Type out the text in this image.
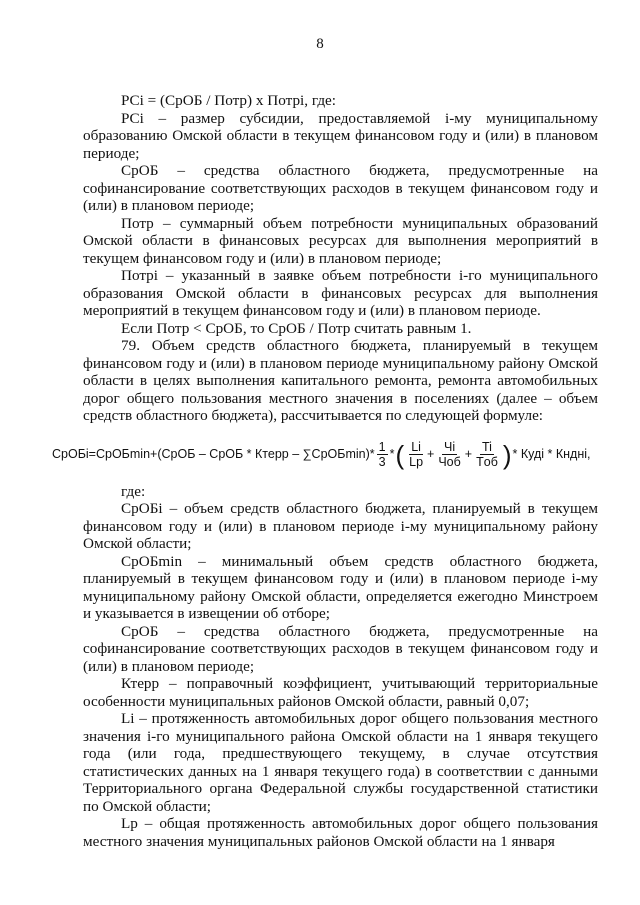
8

PCi = (СрОБ / Потр) x Потрi, где:

PCi – размер субсидии, предоставляемой i-му муниципальному образованию Омской области в текущем финансовом году и (или) в плановом периоде;

СрОБ – средства областного бюджета, предусмотренные на софинансирование соответствующих расходов в текущем финансовом году и (или) в плановом периоде;

Потр – суммарный объем потребности муниципальных образований Омской области в финансовых ресурсах для выполнения мероприятий в текущем финансовом году и (или) в плановом периоде;

Потрi – указанный в заявке объем потребности i-го муниципального образования Омской области в финансовых ресурсах для выполнения мероприятий в текущем финансовом году и (или) в плановом периоде.

Если Потр < СрОБ, то СрОБ / Потр считать равным 1.

79. Объем средств областного бюджета, планируемый в текущем финансовом году и (или) в плановом периоде муниципальному району Омской области в целях выполнения капитального ремонта, ремонта автомобильных дорог общего пользования местного значения в поселениях (далее – объем средств областного бюджета), рассчитывается по следующей формуле:

СрОБi=СрОБmin+(СрОБ – СрОБ * Ктерр – ∑СрОБmin)* $\frac{1}{3}$ * ( $\frac{Li}{Lp} + \frac{Чi}{\text{Чоб}} + \frac{Ti}{\text{Tоб}}$ ) * Куді * Кндні,

где:

СрОБi – объем средств областного бюджета, планируемый в текущем финансовом году и (или) в плановом периоде i-му муниципальному району Омской области;

СрОБmin – минимальный объем средств областного бюджета, планируемый в текущем финансовом году и (или) в плановом периоде i-му муниципальному району Омской области, определяется ежегодно Минстроем и указывается в извещении об отборе;

СрОБ – средства областного бюджета, предусмотренные на софинансирование соответствующих расходов в текущем финансовом году и (или) в плановом периоде;

Ктерр – поправочный коэффициент, учитывающий территориальные особенности муниципальных районов Омской области, равный 0,07;

Li – протяженность автомобильных дорог общего пользования местного значения i-го муниципального района Омской области на 1 января текущего года (или года, предшествующего текущему, в случае отсутствия статистических данных на 1 января текущего года) в соответствии с данными Территориального органа Федеральной службы государственной статистики по Омской области;

Lp – общая протяженность автомобильных дорог общего пользования местного значения муниципальных районов Омской области на 1 января
